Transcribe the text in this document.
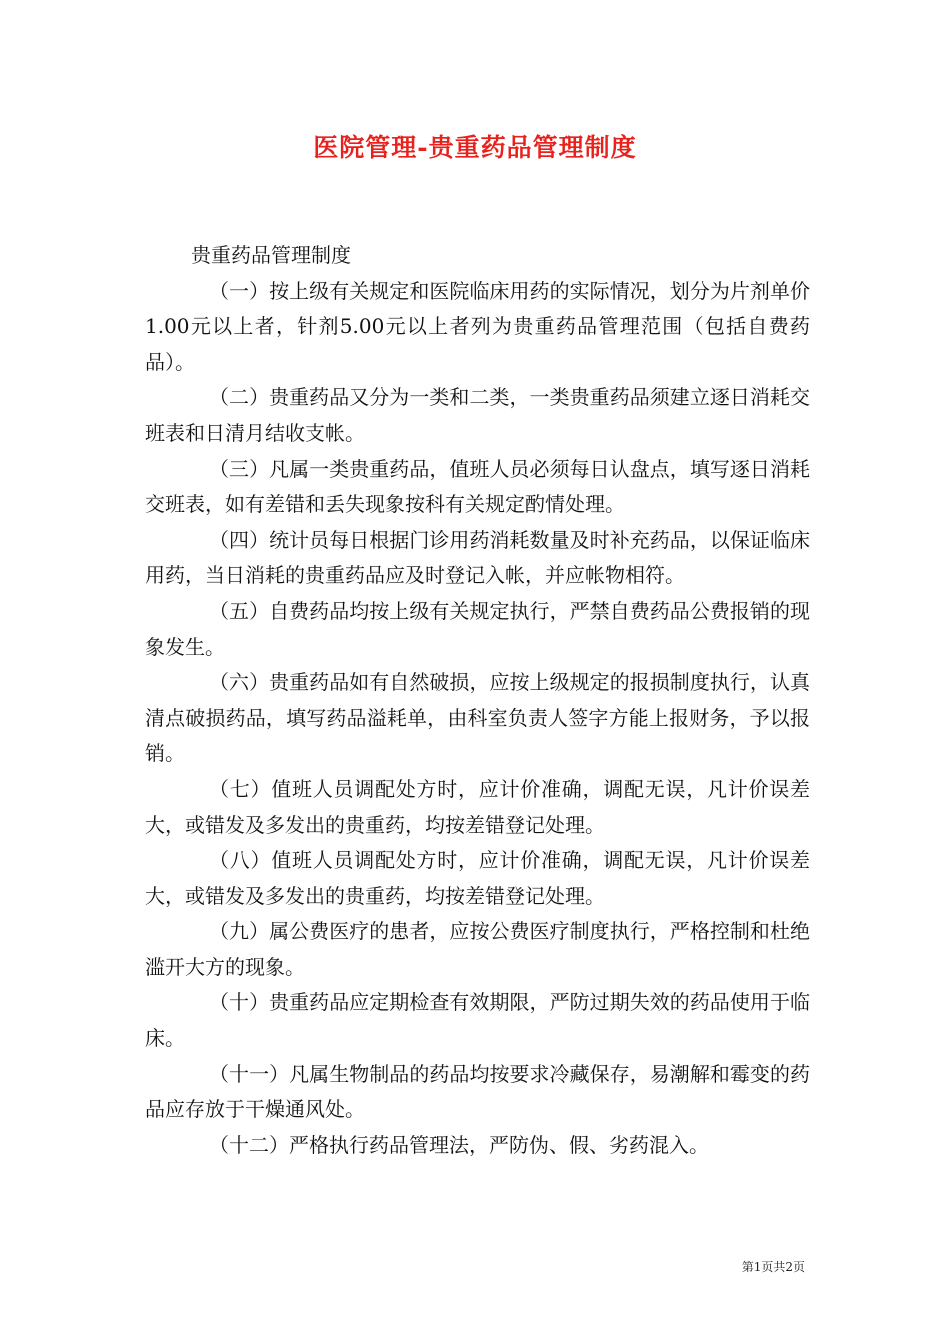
医院管理-贵重药品管理制度

贵重药品管理制度

（一）按上级有关规定和医院临床用药的实际情况，划分为片剂单价1.00元以上者，针剂5.00元以上者列为贵重药品管理范围（包括自费药品）。

（二）贵重药品又分为一类和二类，一类贵重药品须建立逐日消耗交班表和日清月结收支帐。

（三）凡属一类贵重药品，值班人员必须每日认盘点，填写逐日消耗交班表，如有差错和丢失现象按科有关规定酌情处理。

（四）统计员每日根据门诊用药消耗数量及时补充药品，以保证临床用药，当日消耗的贵重药品应及时登记入帐，并应帐物相符。

（五）自费药品均按上级有关规定执行，严禁自费药品公费报销的现象发生。

（六）贵重药品如有自然破损，应按上级规定的报损制度执行，认真清点破损药品，填写药品溢耗单，由科室负责人签字方能上报财务，予以报销。

（七）值班人员调配处方时，应计价准确，调配无误，凡计价误差大，或错发及多发出的贵重药，均按差错登记处理。

（八）值班人员调配处方时，应计价准确，调配无误，凡计价误差大，或错发及多发出的贵重药，均按差错登记处理。

（九）属公费医疗的患者，应按公费医疗制度执行，严格控制和杜绝滥开大方的现象。

（十）贵重药品应定期检查有效期限，严防过期失效的药品使用于临床。

（十一）凡属生物制品的药品均按要求冷藏保存，易潮解和霉变的药品应存放于干燥通风处。

（十二）严格执行药品管理法，严防伪、假、劣药混入。

第1页共2页
